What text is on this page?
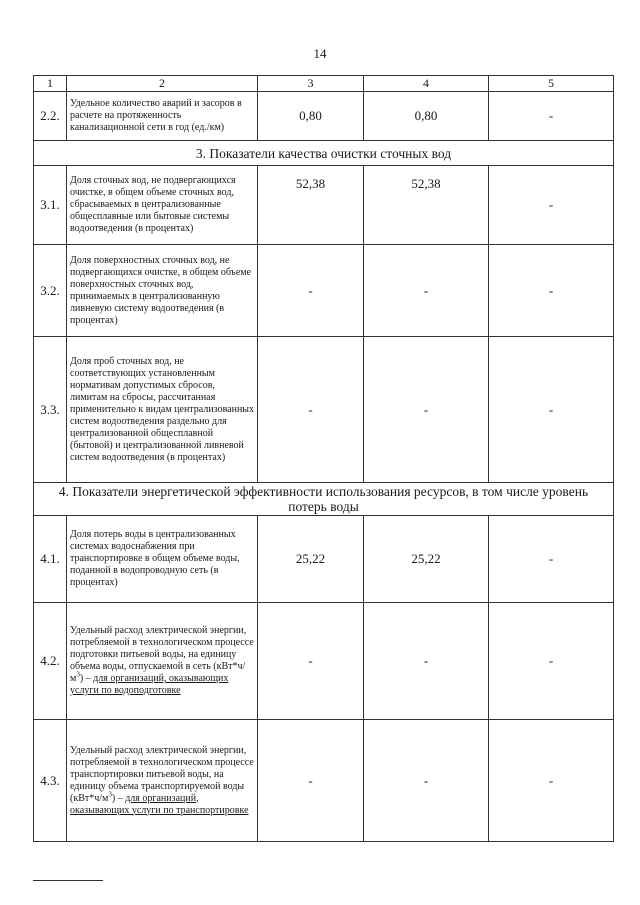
14
1	2	3	4	5
2.2.	Удельное количество аварий и засоров в расчете на протяженность канализационной сети в год (ед./км)	0,80	0,80	-
3. Показатели качества очистки сточных вод				
3.1.	Доля сточных вод, не подвергающихся очистке, в общем объеме сточных вод, сбрасываемых в централизованные общесплавные или бытовые системы водоотведения (в процентах)	52,38	52,38	-
3.2.	Доля поверхностных сточных вод, не подвергающихся очистке, в общем объеме поверхностных сточных вод, принимаемых в централизованную ливневую систему водоотведения (в процентах)	-	-	-
3.3.	Доля проб сточных вод, не соответствующих установленным нормативам допустимых сбросов, лимитам на сбросы, рассчитанная применительно к видам централизованных систем водоотведения раздельно для централизованной общесплавной (бытовой) и централизованной ливневой систем водоотведения (в процентах)	-	-	-
4. Показатели энергетической эффективности использования ресурсов, в том числе уровень потерь воды				
4.1.	Доля потерь воды в централизованных системах водоснабжения при транспортировке в общем объеме воды, поданной в водопроводную сеть (в процентах)	25,22	25,22	-
4.2.	Удельный расход электрической энергии, потребляемой в технологическом процессе подготовки питьевой воды, на единицу объема воды, отпускаемой в сеть $(кВт*ч/м^3)$ – для организаций, оказывающих услуги по водоподготовке	-	-	-
4.3.	Удельный расход электрической энергии, потребляемой в технологическом процессе транспортировки питьевой воды, на единицу объема транспортируемой воды $(кВт*ч/м^3)$ – для организаций, оказывающих услуги по транспортировке	-	-	-
